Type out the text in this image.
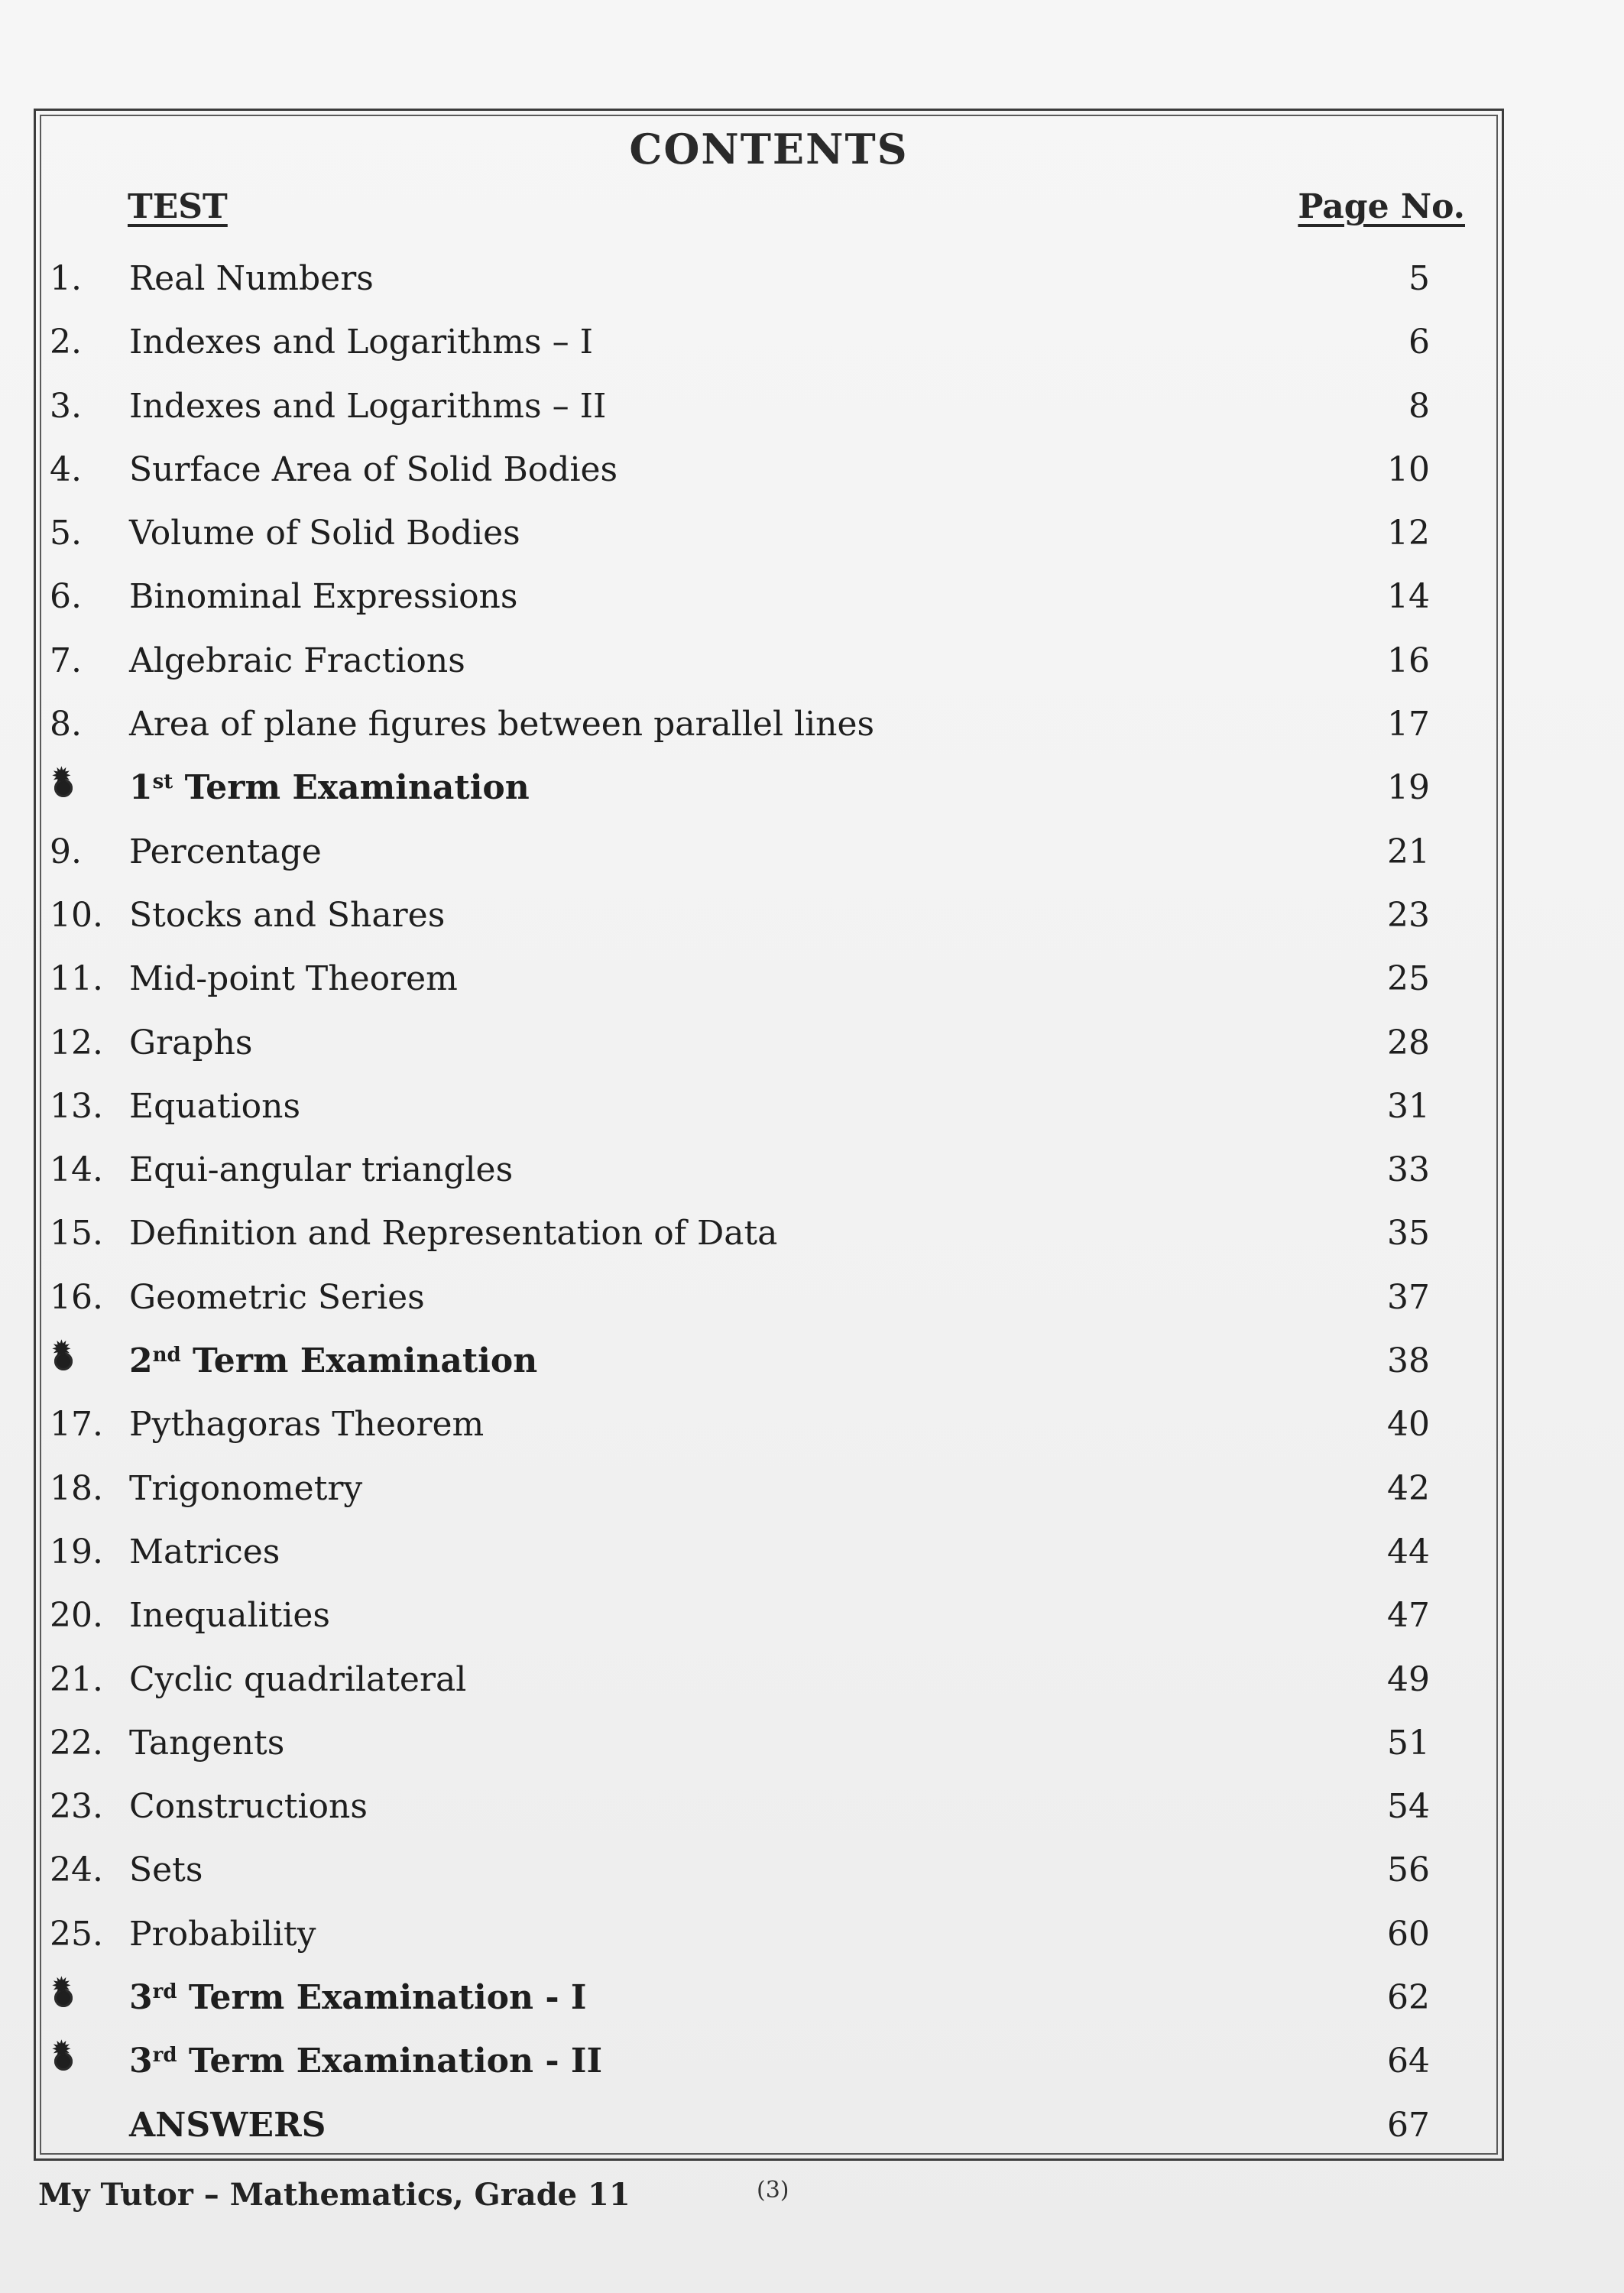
CONTENTS
TEST	Page No.
1.	Real Numbers	5
2.	Indexes and Logarithms – I	6
3.	Indexes and Logarithms – II	8
4.	Surface Area of Solid Bodies	10
5.	Volume of Solid Bodies	12
6.	Binominal Expressions	14
7.	Algebraic Fractions	16
8.	Area of plane figures between parallel lines	17
✹
1st Term Examination	19
9.	Percentage	21
10. Stocks and Shares	23
11. Mid-point Theorem	25
12. Graphs	28
13. Equations	31
14. Equi-angular triangles	33
15. Definition and Representation of Data	35
16. Geometric Series	37
✹
2nd Term Examination	38
17. Pythagoras Theorem	40
18. Trigonometry	42
19. Matrices	44
20. Inequalities	47
21. Cyclic quadrilateral	49
22. Tangents	51
23. Constructions	54
24. Sets	56
25. Probability	60
✹
3rd Term Examination - I	62
✹
3rd Term Examination - II	64
ANSWERS	67
My Tutor – Mathematics, Grade 11	(3)
